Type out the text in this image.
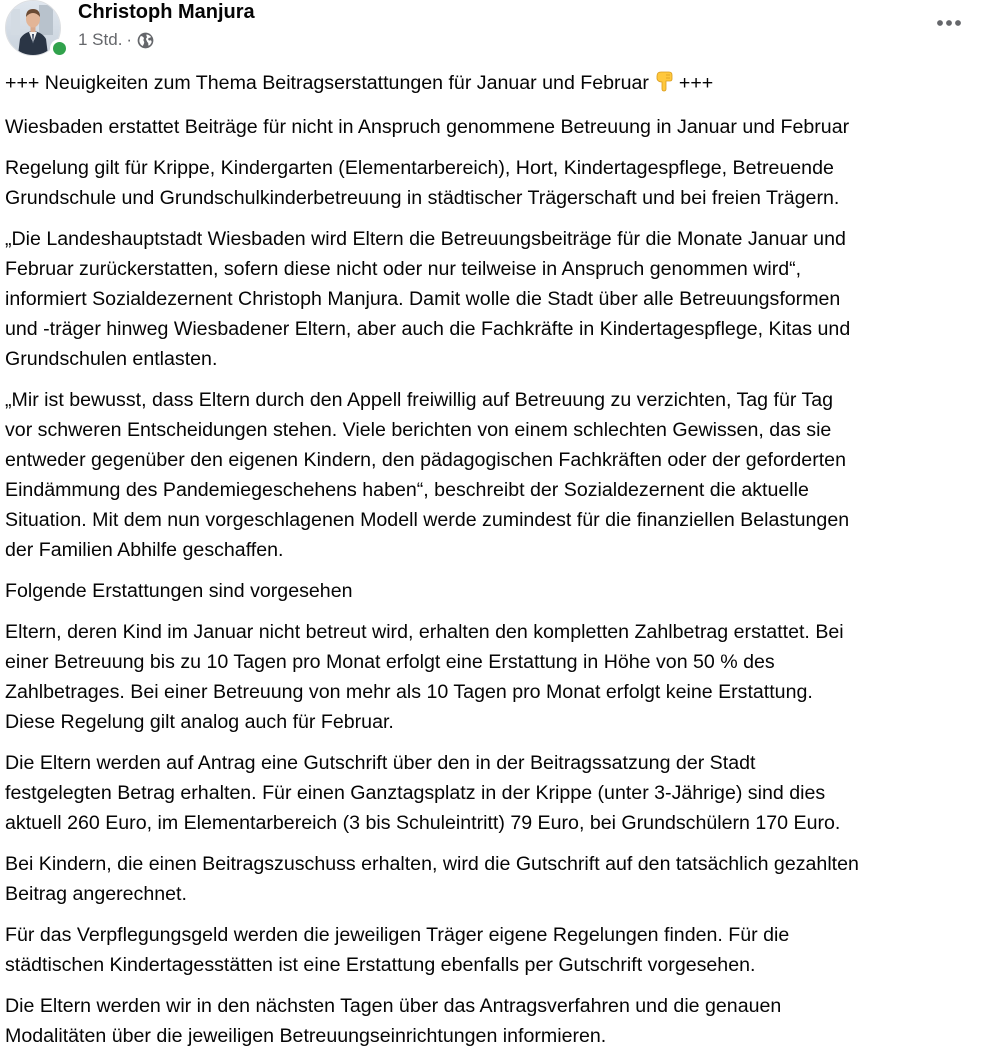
Christoph Manjura
1 Std. ·

+++ Neuigkeiten zum Thema Beitragserstattungen für Januar und Februar +++

Wiesbaden erstattet Beiträge für nicht in Anspruch genommene Betreuung in Januar und Februar

Regelung gilt für Krippe, Kindergarten (Elementarbereich), Hort, Kindertagespflege, Betreuende
Grundschule und Grundschulkinderbetreuung in städtischer Trägerschaft und bei freien Trägern.

„Die Landeshauptstadt Wiesbaden wird Eltern die Betreuungsbeiträge für die Monate Januar und
Februar zurückerstatten, sofern diese nicht oder nur teilweise in Anspruch genommen wird“,
informiert Sozialdezernent Christoph Manjura. Damit wolle die Stadt über alle Betreuungsformen
und -träger hinweg Wiesbadener Eltern, aber auch die Fachkräfte in Kindertagespflege, Kitas und
Grundschulen entlasten.

„Mir ist bewusst, dass Eltern durch den Appell freiwillig auf Betreuung zu verzichten, Tag für Tag
vor schweren Entscheidungen stehen. Viele berichten von einem schlechten Gewissen, das sie
entweder gegenüber den eigenen Kindern, den pädagogischen Fachkräften oder der geforderten
Eindämmung des Pandemiegeschehens haben“, beschreibt der Sozialdezernent die aktuelle
Situation. Mit dem nun vorgeschlagenen Modell werde zumindest für die finanziellen Belastungen
der Familien Abhilfe geschaffen.

Folgende Erstattungen sind vorgesehen

Eltern, deren Kind im Januar nicht betreut wird, erhalten den kompletten Zahlbetrag erstattet. Bei
einer Betreuung bis zu 10 Tagen pro Monat erfolgt eine Erstattung in Höhe von 50 % des
Zahlbetrages. Bei einer Betreuung von mehr als 10 Tagen pro Monat erfolgt keine Erstattung.
Diese Regelung gilt analog auch für Februar.

Die Eltern werden auf Antrag eine Gutschrift über den in der Beitragssatzung der Stadt
festgelegten Betrag erhalten. Für einen Ganztagsplatz in der Krippe (unter 3-Jährige) sind dies
aktuell 260 Euro, im Elementarbereich (3 bis Schuleintritt) 79 Euro, bei Grundschülern 170 Euro.

Bei Kindern, die einen Beitragszuschuss erhalten, wird die Gutschrift auf den tatsächlich gezahlten
Beitrag angerechnet.

Für das Verpflegungsgeld werden die jeweiligen Träger eigene Regelungen finden. Für die
städtischen Kindertagesstätten ist eine Erstattung ebenfalls per Gutschrift vorgesehen.

Die Eltern werden wir in den nächsten Tagen über das Antragsverfahren und die genauen
Modalitäten über die jeweiligen Betreuungseinrichtungen informieren.
